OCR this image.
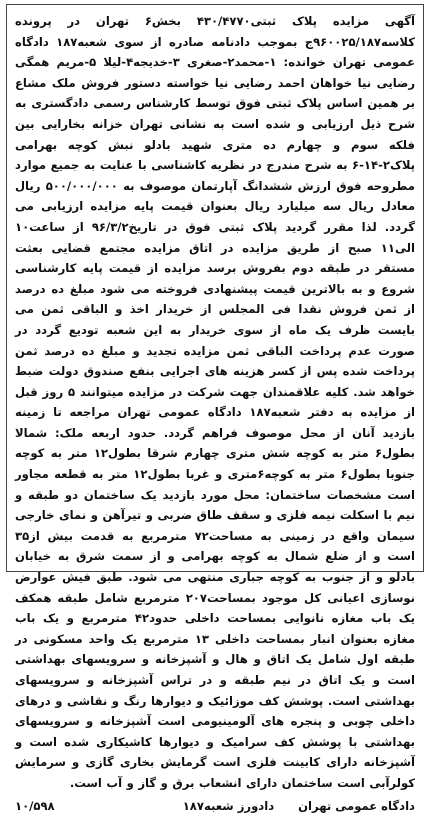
آگهی مزایده پلاک ثبتی۴۳۰/۴۷۷۰ بخش۶ تهران در پرونده کلاسه۹۶۰۰۲۵/۱۸۷ج بموجب دادنامه صادره از سوی شعبه۱۸۷ دادگاه عمومی تهران خوانده: ۱-محمد۲-صغری ۳-خدیجه۴-لیلا ۵-مریم همگی رضایی نیا خواهان احمد رضایی نیا خواسته دستور فروش ملک مشاع بر همین اساس پلاک ثبتی فوق توسط کارشناس رسمی دادگستری به شرح ذیل ارزیابی و شده است به نشانی تهران خزانه بخارایی بین فلکه سوم و چهارم ده متری شهید بادلو نبش کوچه بهرامی پلاک۲-۱۴-۶ به شرح مندرج در نظریه کاشناسی با عنایت به جمیع موارد مطروحه فوق ارزش ششدانگ آپارتمان موصوف به ۵۰۰/۰۰۰/۰۰۰ ریال معادل ریال سه میلیارد ریال بعنوان قیمت پایه مزایده ارزیابی می گردد. لذا مقرر گردید پلاک ثبتی فوق در تاریخ۹۶/۳/۲ از ساعت۱۰ الی۱۱ صبح از طریق مزایده در اتاق مزایده مجتمع قضایی بعثت مستقر در طبقه دوم بفروش برسد مزایده از قیمت پایه کارشناسی شروع و به بالاترین قیمت پیشنهادی فروخته می شود مبلغ ده درصد از ثمن فروش نقدا فی المجلس از خریدار اخذ و الباقی ثمن می بایست ظرف یک ماه از سوی خریدار به این شعبه تودیع گردد در صورت عدم پرداخت الباقی ثمن مزایده تجدید و مبلغ ده درصد ثمن پرداخت شده پس از کسر هزینه های اجرایی بنفع صندوق دولت ضبط خواهد شد. کلیه علاقمندان جهت شرکت در مزایده میتوانند ۵ روز قبل از مزایده به دفتر شعبه۱۸۷ دادگاه عمومی تهران مراجعه تا زمینه بازدید آنان از محل موصوف فراهم گردد. حدود اربعه ملک: شمالا بطول۶ متر به کوچه شش متری چهارم شرقا بطول۱۲ متر به کوچه جنوبا بطول۶ متر به کوچه۶متری و غربا بطول۱۲ متر به قطعه مجاور است مشخصات ساختمان: محل مورد بازدید یک ساختمان دو طبقه و نیم با اسکلت نیمه فلزی و سقف طاق ضربی و تیرآهن و نمای خارجی سیمان واقع در زمینی به مساحت۷۲ مترمربع به قدمت بیش از۳۵ است و از ضلع شمال به کوچه بهرامی و از سمت شرق به خیابان بادلو و از جنوب به کوچه جباری منتهی می شود. طبق فیش عوارض نوسازی اعیانی کل موجود بمساحت۲۰۷ مترمربع شامل طبقه همکف یک باب مغازه نانوایی بمساحت داخلی حدود۴۲ مترمربع و یک باب مغازه بعنوان انبار بمساحت داخلی ۱۳ مترمربع یک واحد مسکونی در طبقه اول شامل یک اتاق و هال و آشپزخانه و سرویسهای بهداشتی است و یک اتاق در نیم طبقه و در تراس آشپزخانه و سرویسهای بهداشتی است. پوشش کف موزائیک و دیوارها رنگ و نقاشی و درهای داخلی چوبی و پنجره های آلومینیومی است آشپزخانه و سرویسهای بهداشتی با پوشش کف سرامیک و دیوارها کاشیکاری شده است و آشپزخانه دارای کابینت فلزی است گرمایش بخاری گازی و سرمایش کولرآبی است ساختمان دارای انشعاب برق و گاز و آب است.

دادگاه عمومی تهران
دادورز شعبه۱۸۷
۱۰/۵۹۸
